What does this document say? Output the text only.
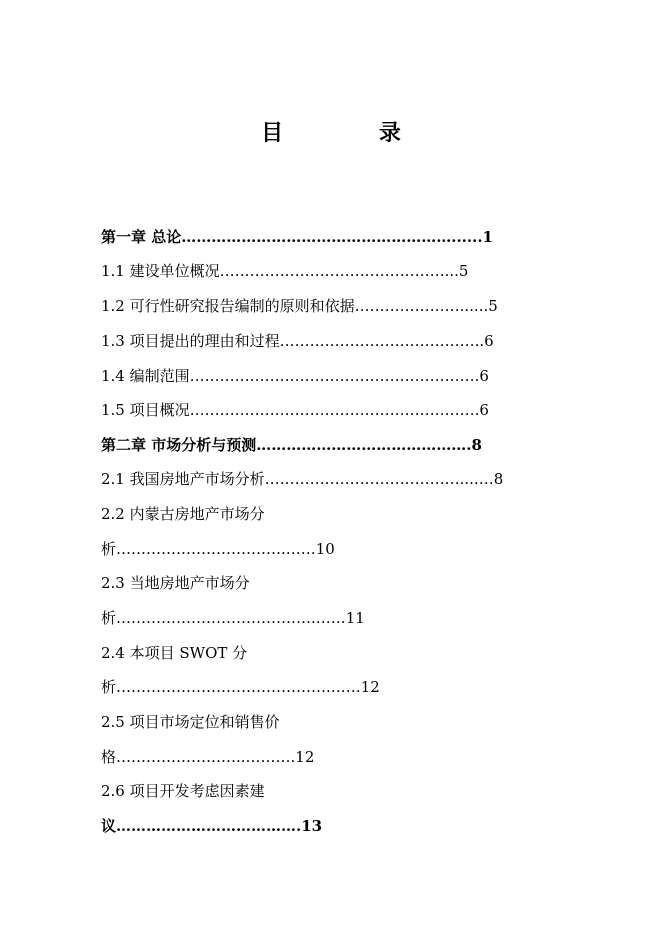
目 录
第一章 总论………………………………………………......1
1.1 建设单位概况………………………………………...5
1.2 可行性研究报告编制的原则和依据…………………......5
1.3 项目提出的理由和过程…………………………………..6
1.4 编制范围………………………………………………….6
1.5 项目概况………………………………………………….6
第二章 市场分析与预测…………………………………….8
2.1 我国房地产市场分析…………………………………....…8
2.2 内蒙古房地产市场分
析…………………………….……10
2.3 当地房地产市场分
析………………………………….……11
2.4 本项目 SWOT 分
析…………………………………….……12
2.5 项目市场定位和销售价
格……………………..……….12
2.6 项目开发考虑因素建
议……………………………….13
